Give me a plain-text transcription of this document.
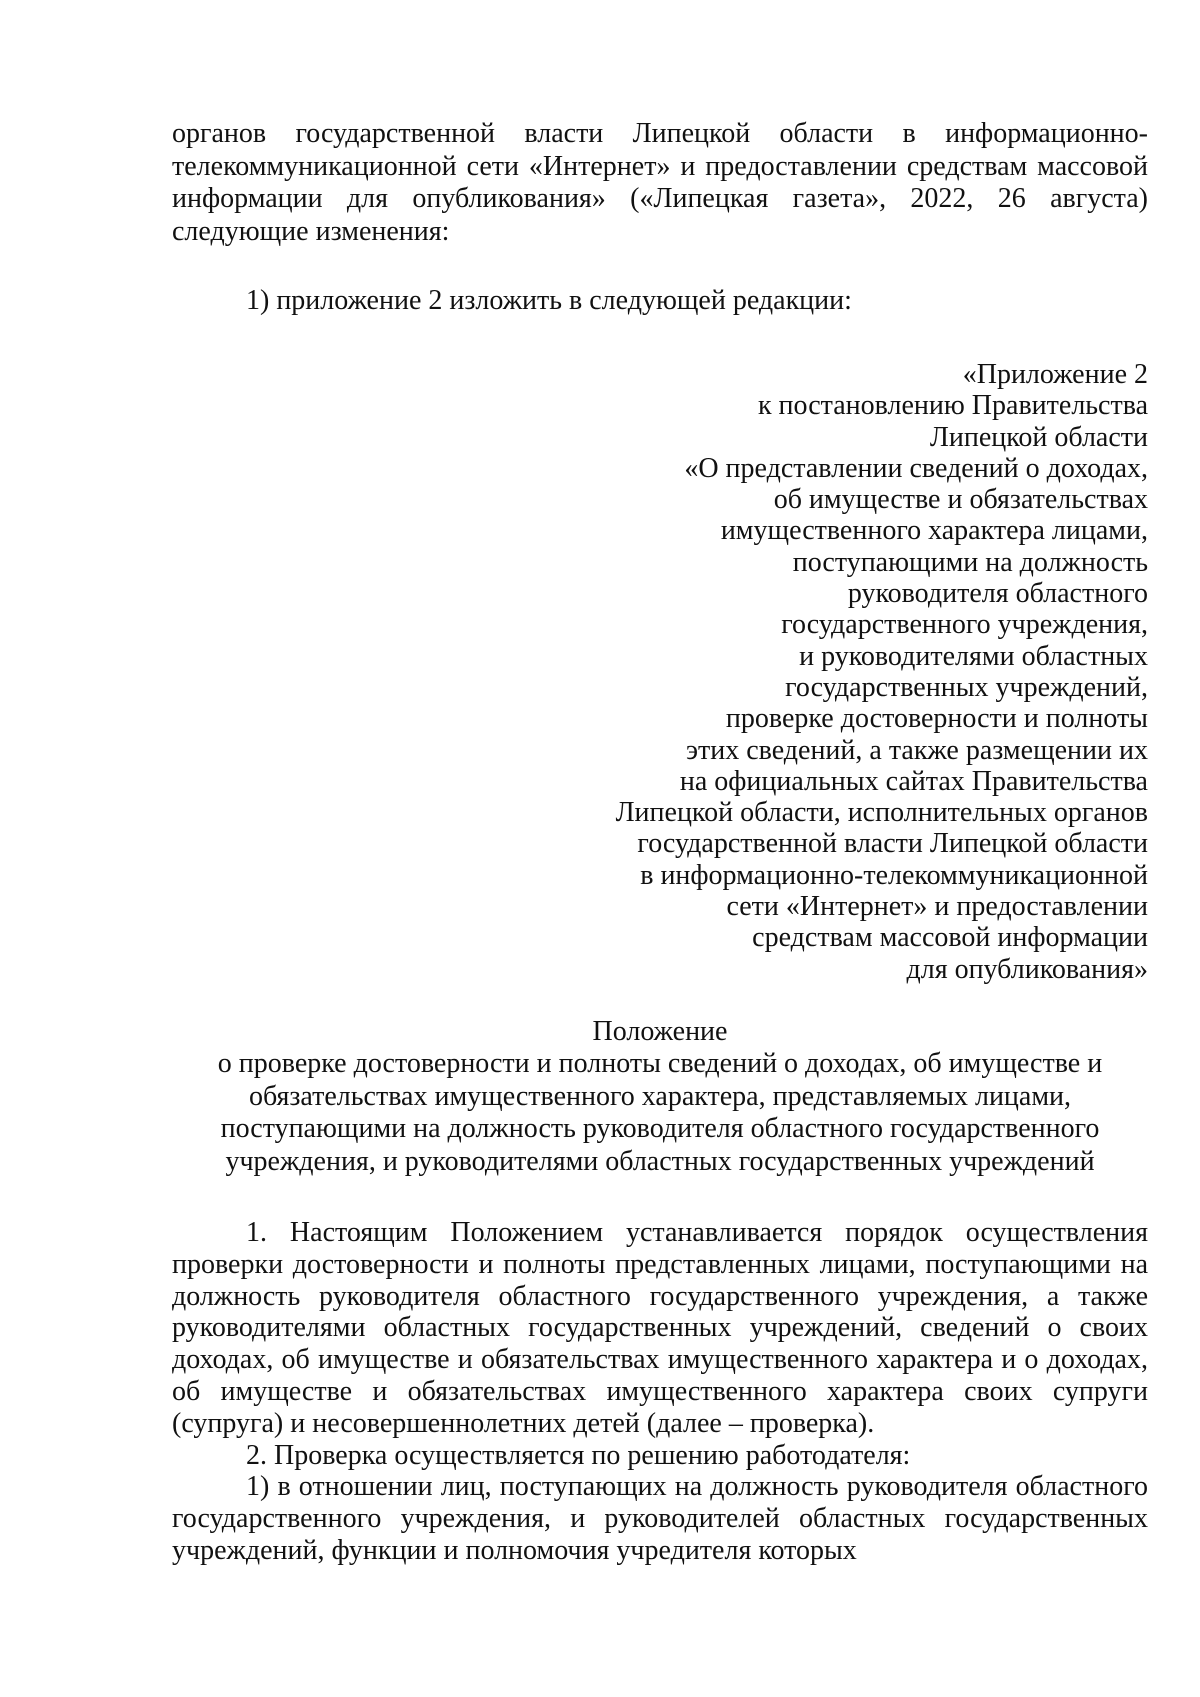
органов государственной власти Липецкой области в информационно-телекоммуникационной сети «Интернет» и предоставлении средствам массовой информации для опубликования» («Липецкая газета», 2022, 26 августа) следующие изменения:

1) приложение 2 изложить в следующей редакции:

«Приложение 2
к постановлению Правительства
Липецкой области
«О представлении сведений о доходах,
об имуществе и обязательствах
имущественного характера лицами,
поступающими на должность
руководителя областного
государственного учреждения,
и руководителями областных
государственных учреждений,
проверке достоверности и полноты
этих сведений, а также размещении их
на официальных сайтах Правительства
Липецкой области, исполнительных органов
государственной власти Липецкой области
в информационно-телекоммуникационной
сети «Интернет» и предоставлении
средствам массовой информации
для опубликования»
Положение
о проверке достоверности и полноты сведений о доходах, об имуществе и
обязательствах имущественного характера, представляемых лицами,
поступающими на должность руководителя областного государственного
учреждения, и руководителями областных государственных учреждений

1. Настоящим Положением устанавливается порядок осуществления проверки достоверности и полноты представленных лицами, поступающими на должность руководителя областного государственного учреждения, а также руководителями областных государственных учреждений, сведений о своих доходах, об имуществе и обязательствах имущественного характера и о доходах, об имуществе и обязательствах имущественного характера своих супруги (супруга) и несовершеннолетних детей (далее – проверка).

2. Проверка осуществляется по решению работодателя:

1) в отношении лиц, поступающих на должность руководителя областного государственного учреждения, и руководителей областных государственных учреждений, функции и полномочия учредителя которых
